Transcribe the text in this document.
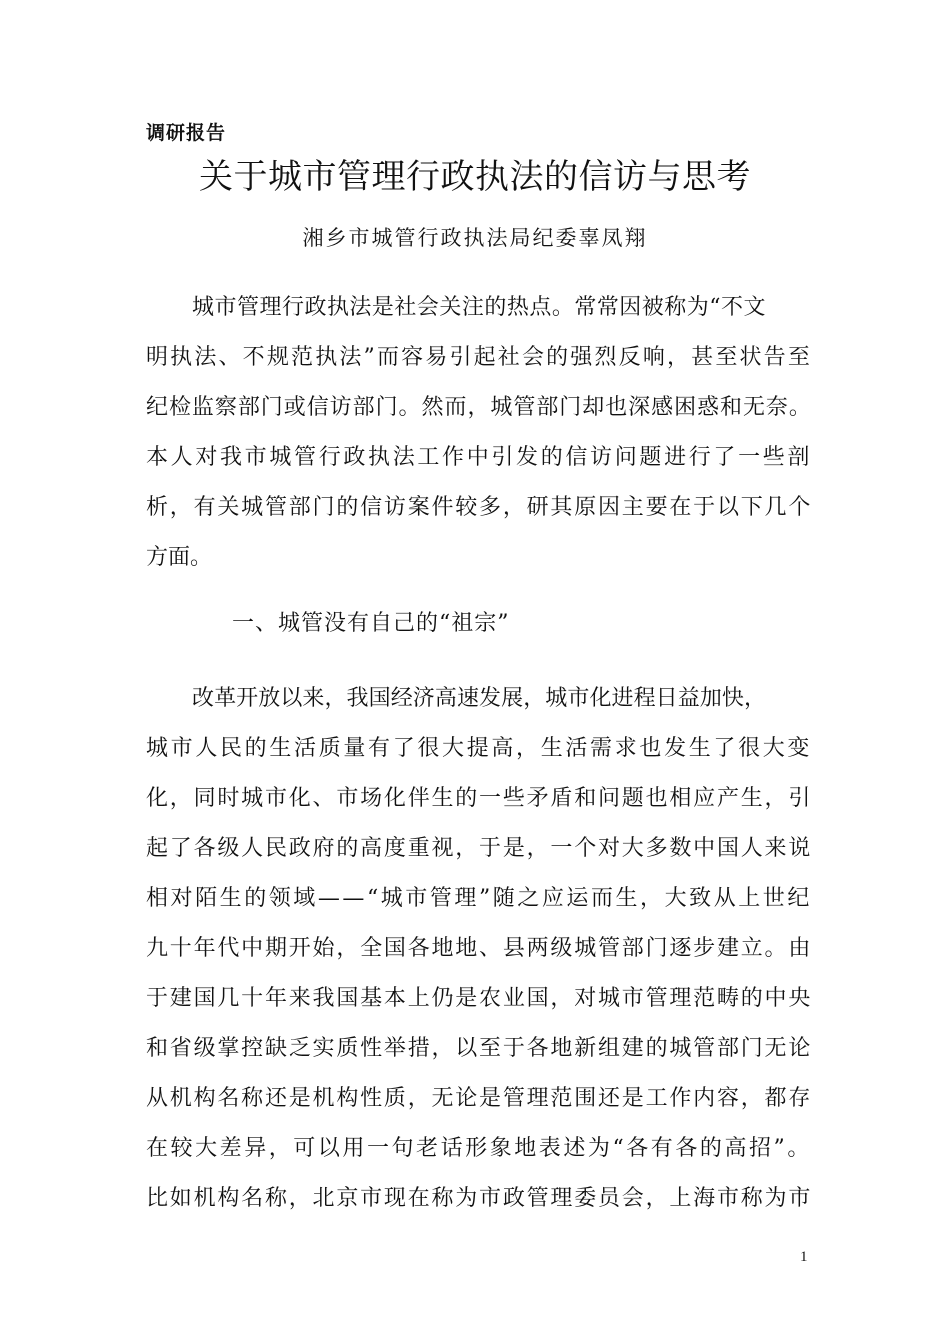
调研报告
关于城市管理行政执法的信访与思考
湘乡市城管行政执法局纪委辜凤翔
城市管理行政执法是社会关注的热点。常常因被称为“不文
明执法、不规范执法”而容易引起社会的强烈反响，甚至状告至
纪检监察部门或信访部门。然而，城管部门却也深感困惑和无奈。
本人对我市城管行政执法工作中引发的信访问题进行了一些剖
析，有关城管部门的信访案件较多，研其原因主要在于以下几个
方面。
一、城管没有自己的“祖宗”
改革开放以来，我国经济高速发展，城市化进程日益加快，
城市人民的生活质量有了很大提高，生活需求也发生了很大变
化，同时城市化、市场化伴生的一些矛盾和问题也相应产生，引
起了各级人民政府的高度重视，于是，一个对大多数中国人来说
相对陌生的领域——“城市管理”随之应运而生，大致从上世纪
九十年代中期开始，全国各地地、县两级城管部门逐步建立。由
于建国几十年来我国基本上仍是农业国，对城市管理范畴的中央
和省级掌控缺乏实质性举措，以至于各地新组建的城管部门无论
从机构名称还是机构性质，无论是管理范围还是工作内容，都存
在较大差异，可以用一句老话形象地表述为“各有各的高招”。
比如机构名称，北京市现在称为市政管理委员会，上海市称为市
1
